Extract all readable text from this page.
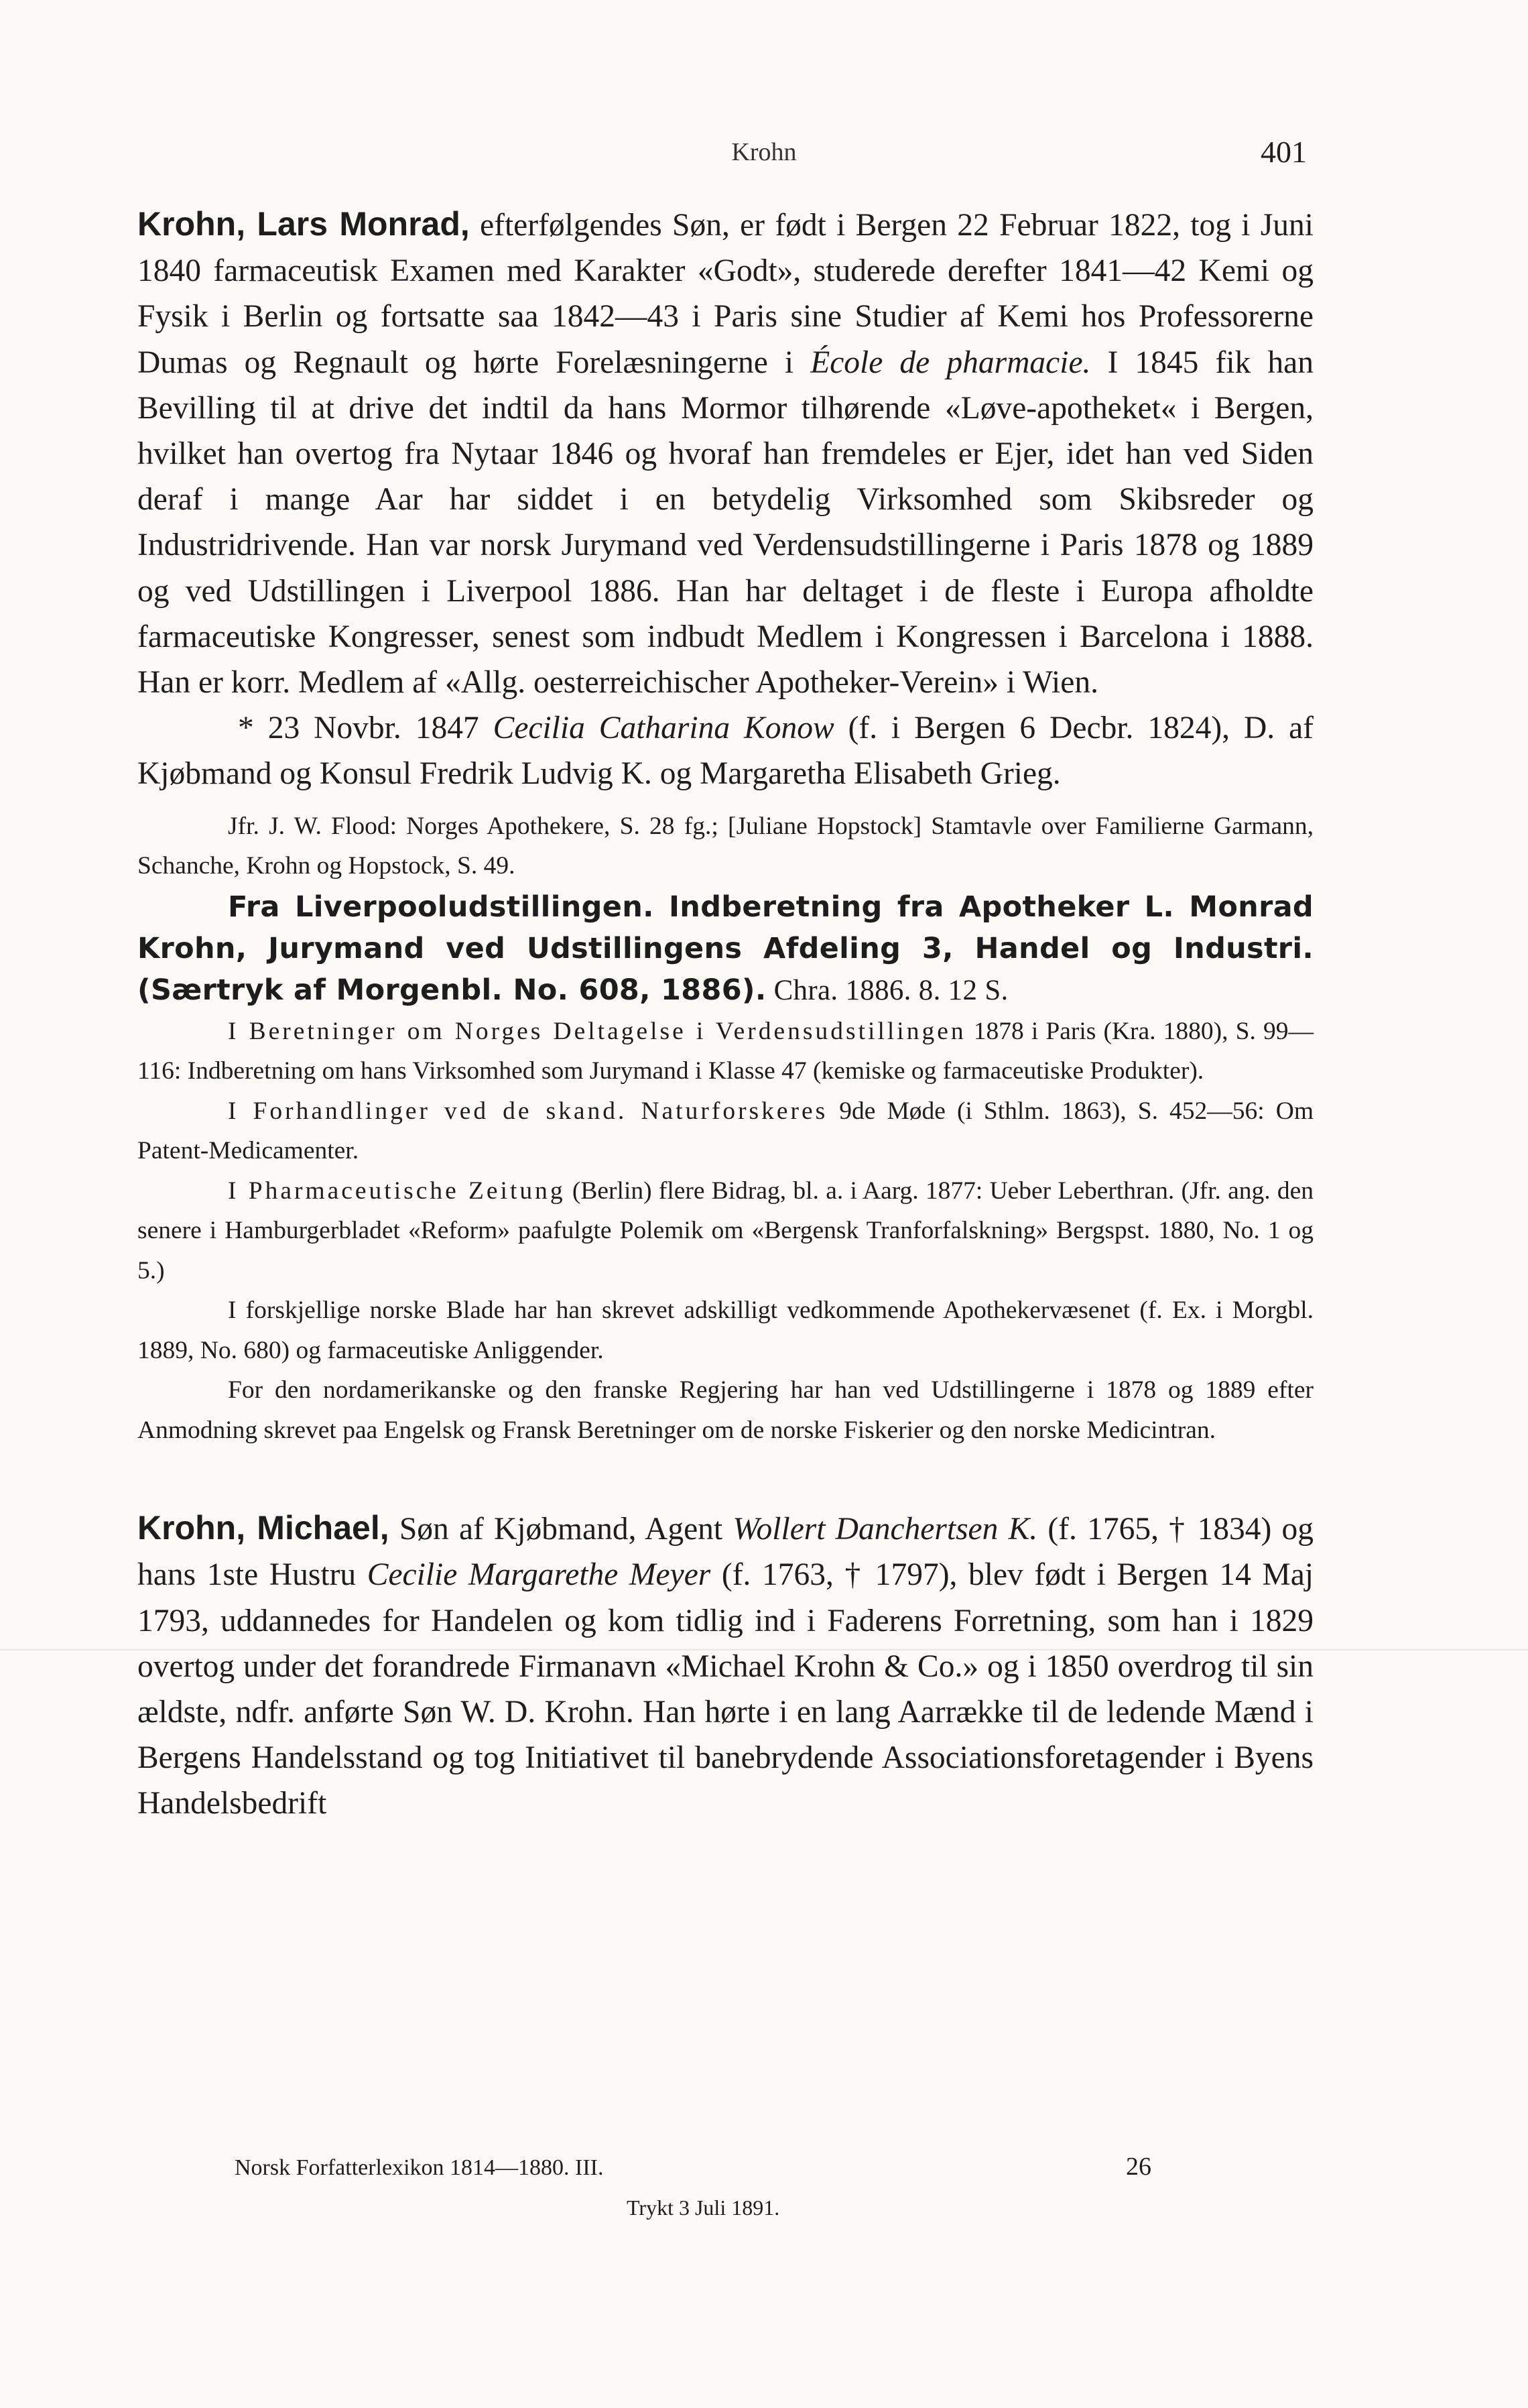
Krohn	401

Krohn, Lars Monrad, efterfølgendes Søn, er født i Bergen 22 Februar 1822, tog i Juni 1840 farmaceutisk Examen med Karakter «Godt», studerede derefter 1841—42 Kemi og Fysik i Berlin og fortsatte saa 1842—43 i Paris sine Studier af Kemi hos Professorerne Dumas og Regnault og hørte Forelæsningerne i École de pharmacie. I 1845 fik han Bevilling til at drive det indtil da hans Mormor tilhørende «Løve-apotheket« i Bergen, hvilket han overtog fra Nytaar 1846 og hvoraf han fremdeles er Ejer, idet han ved Siden deraf i mange Aar har siddet i en betydelig Virksomhed som Skibsreder og Industridrivende. Han var norsk Jurymand ved Verdensudstillingerne i Paris 1878 og 1889 og ved Udstillingen i Liverpool 1886. Han har deltaget i de fleste i Europa afholdte farmaceutiske Kongresser, senest som indbudt Medlem i Kongressen i Barcelona i 1888. Han er korr. Medlem af «Allg. oesterreichischer Apotheker-Verein» i Wien.

* 23 Novbr. 1847 Cecilia Catharina Konow (f. i Bergen 6 Decbr. 1824), D. af Kjøbmand og Konsul Fredrik Ludvig K. og Margaretha Elisabeth Grieg.

Jfr. J. W. Flood: Norges Apothekere, S. 28 fg.; [Juliane Hopstock] Stamtavle over Familierne Garmann, Schanche, Krohn og Hopstock, S. 49.

Fra Liverpooludstillingen. Indberetning fra Apotheker L. Monrad Krohn, Jurymand ved Udstillingens Afdeling 3, Handel og Industri. (Særtryk af Morgenbl. No. 608, 1886). Chra. 1886. 8. 12 S.

I Beretninger om Norges Deltagelse i Verdensudstillingen 1878 i Paris (Kra. 1880), S. 99—116: Indberetning om hans Virksomhed som Jurymand i Klasse 47 (kemiske og farmaceutiske Produkter).

I Forhandlinger ved de skand. Naturforskeres 9de Møde (i Sthlm. 1863), S. 452—56: Om Patent-Medicamenter.

I Pharmaceutische Zeitung (Berlin) flere Bidrag, bl. a. i Aarg. 1877: Ueber Leberthran. (Jfr. ang. den senere i Hamburgerbladet «Reform» paafulgte Polemik om «Bergensk Tranforfalskning» Bergspst. 1880, No. 1 og 5.)

I forskjellige norske Blade har han skrevet adskilligt vedkommende Apothekervæsenet (f. Ex. i Morgbl. 1889, No. 680) og farmaceutiske Anliggender.

For den nordamerikanske og den franske Regjering har han ved Udstillingerne i 1878 og 1889 efter Anmodning skrevet paa Engelsk og Fransk Beretninger om de norske Fiskerier og den norske Medicintran.

Krohn, Michael, Søn af Kjøbmand, Agent Wollert Danchertsen K. (f. 1765, † 1834) og hans 1ste Hustru Cecilie Margarethe Meyer (f. 1763, † 1797), blev født i Bergen 14 Maj 1793, uddannedes for Handelen og kom tidlig ind i Faderens Forretning, som han i 1829 overtog under det forandrede Firmanavn «Michael Krohn & Co.» og i 1850 overdrog til sin ældste, ndfr. anførte Søn W. D. Krohn. Han hørte i en lang Aarrække til de ledende Mænd i Bergens Handelsstand og tog Initiativet til banebrydende Associationsforetagender i Byens Handelsbedrift

Norsk Forfatterlexikon 1814—1880. III.	26
Trykt 3 Juli 1891.
